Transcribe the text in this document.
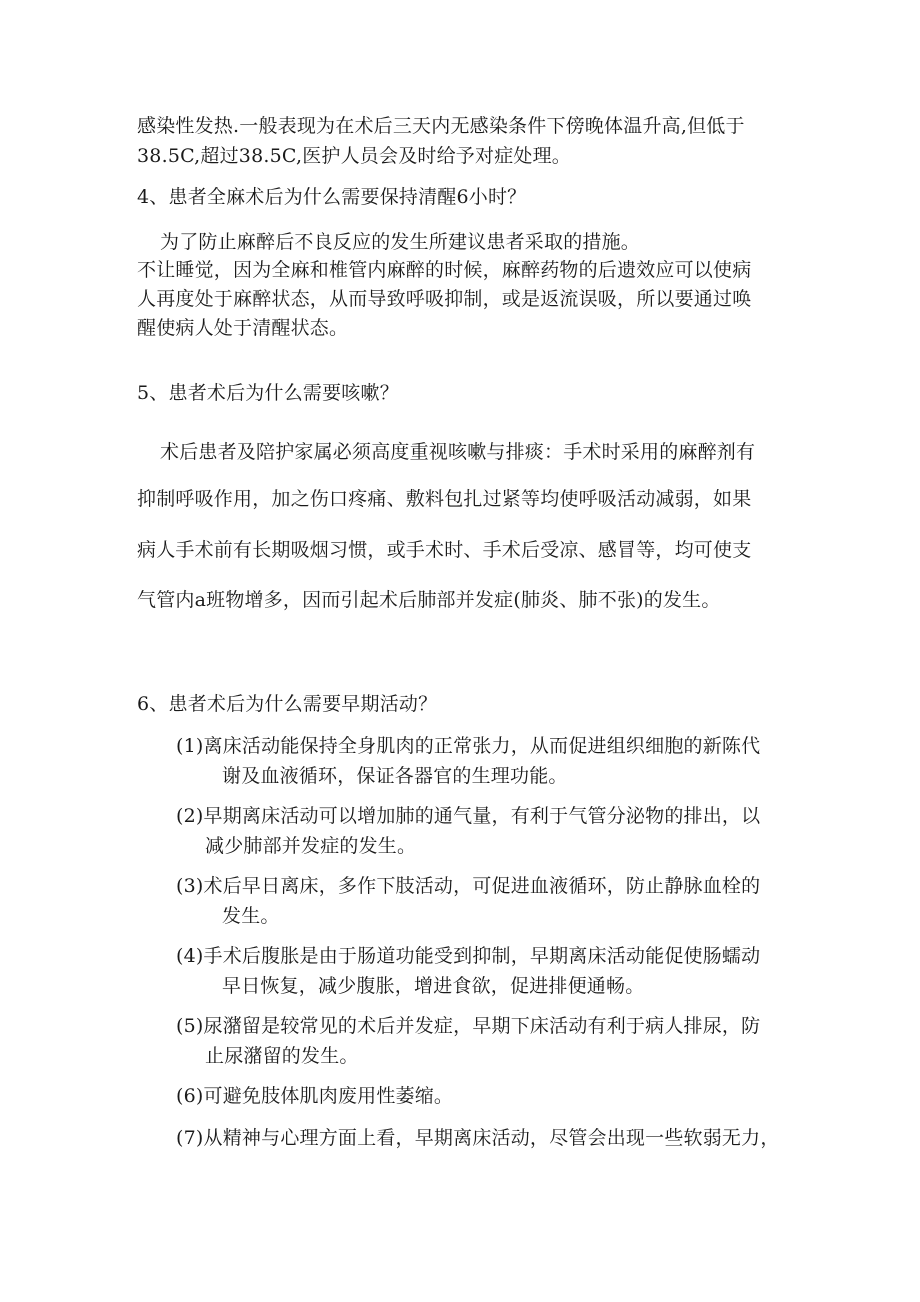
感染性发热.一般表现为在术后三天内无感染条件下傍晚体温升高,但低于
38.5C,超过38.5C,医护人员会及时给予对症处理。
4、患者全麻术后为什么需要保持清醒6小时？
为了防止麻醉后不良反应的发生所建议患者采取的措施。
不让睡觉，因为全麻和椎管内麻醉的时候，麻醉药物的后遗效应可以使病
人再度处于麻醉状态，从而导致呼吸抑制，或是返流误吸，所以要通过唤
醒使病人处于清醒状态。
5、患者术后为什么需要咳嗽？
术后患者及陪护家属必须高度重视咳嗽与排痰：手术时采用的麻醉剂有
抑制呼吸作用，加之伤口疼痛、敷料包扎过紧等均使呼吸活动减弱，如果
病人手术前有长期吸烟习惯，或手术时、手术后受凉、感冒等，均可使支
气管内a班物增多，因而引起术后肺部并发症(肺炎、肺不张)的发生。
6、患者术后为什么需要早期活动？
(1)离床活动能保持全身肌肉的正常张力，从而促进组织细胞的新陈代
谢及血液循环，保证各器官的生理功能。
(2)早期离床活动可以增加肺的通气量，有利于气管分泌物的排出，以
减少肺部并发症的发生。
(3)术后早日离床，多作下肢活动，可促进血液循环，防止静脉血栓的
发生。
(4)手术后腹胀是由于肠道功能受到抑制，早期离床活动能促使肠蠕动
早日恢复，减少腹胀，增进食欲，促进排便通畅。
(5)尿潴留是较常见的术后并发症，早期下床活动有利于病人排尿，防
止尿潴留的发生。
(6)可避免肢体肌肉废用性萎缩。
(7)从精神与心理方面上看，早期离床活动，尽管会出现一些软弱无力，
